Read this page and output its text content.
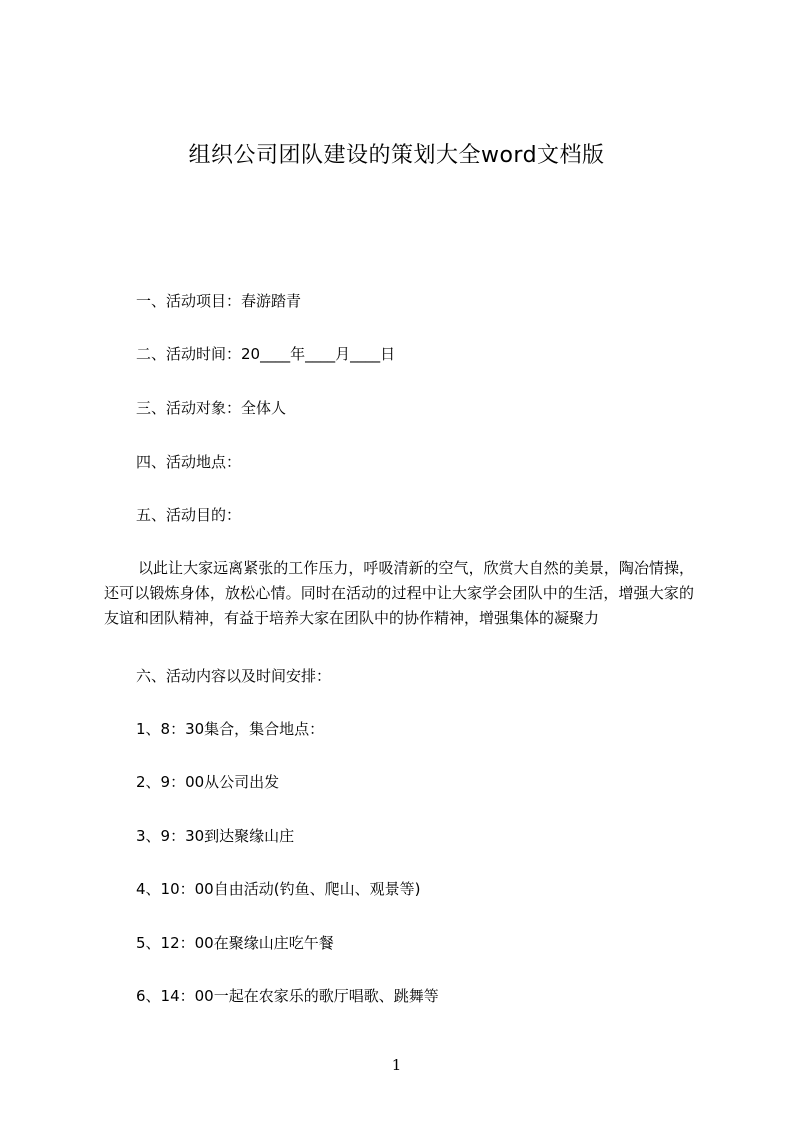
组织公司团队建设的策划大全word文档版
一、活动项目：春游踏青
二、活动时间：20____年____月____日
三、活动对象：全体人
四、活动地点：
五、活动目的：
以此让大家远离紧张的工作压力，呼吸清新的空气，欣赏大自然的美景，陶冶情操，还可以锻炼身体，放松心情。同时在活动的过程中让大家学会团队中的生活，增强大家的友谊和团队精神，有益于培养大家在团队中的协作精神，增强集体的凝聚力
六、活动内容以及时间安排：
1、8：30集合，集合地点：
2、9：00从公司出发
3、9：30到达聚缘山庄
4、10：00自由活动(钓鱼、爬山、观景等)
5、12：00在聚缘山庄吃午餐
6、14：00一起在农家乐的歌厅唱歌、跳舞等
1
